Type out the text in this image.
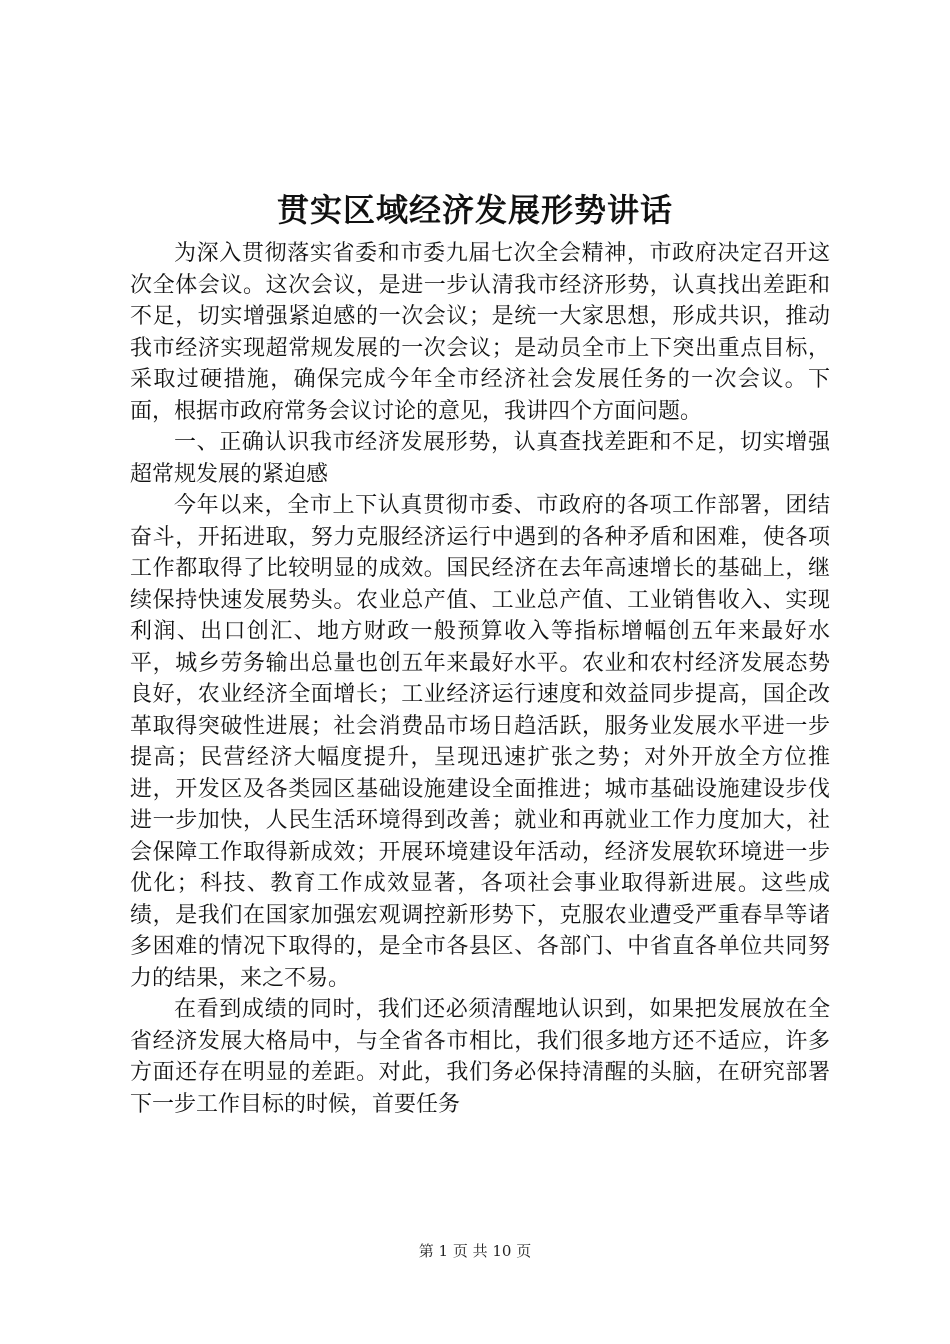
贯实区域经济发展形势讲话

为深入贯彻落实省委和市委九届七次全会精神，市政府决定召开这次全体会议。这次会议，是进一步认清我市经济形势，认真找出差距和不足，切实增强紧迫感的一次会议；是统一大家思想，形成共识，推动我市经济实现超常规发展的一次会议；是动员全市上下突出重点目标，采取过硬措施，确保完成今年全市经济社会发展任务的一次会议。下面，根据市政府常务会议讨论的意见，我讲四个方面问题。

一、正确认识我市经济发展形势，认真查找差距和不足，切实增强超常规发展的紧迫感

今年以来，全市上下认真贯彻市委、市政府的各项工作部署，团结奋斗，开拓进取，努力克服经济运行中遇到的各种矛盾和困难，使各项工作都取得了比较明显的成效。国民经济在去年高速增长的基础上，继续保持快速发展势头。农业总产值、工业总产值、工业销售收入、实现利润、出口创汇、地方财政一般预算收入等指标增幅创五年来最好水平，城乡劳务输出总量也创五年来最好水平。农业和农村经济发展态势良好，农业经济全面增长；工业经济运行速度和效益同步提高，国企改革取得突破性进展；社会消费品市场日趋活跃，服务业发展水平进一步提高；民营经济大幅度提升，呈现迅速扩张之势；对外开放全方位推进，开发区及各类园区基础设施建设全面推进；城市基础设施建设步伐进一步加快，人民生活环境得到改善；就业和再就业工作力度加大，社会保障工作取得新成效；开展环境建设年活动，经济发展软环境进一步优化；科技、教育工作成效显著，各项社会事业取得新进展。这些成绩，是我们在国家加强宏观调控新形势下，克服农业遭受严重春旱等诸多困难的情况下取得的，是全市各县区、各部门、中省直各单位共同努力的结果，来之不易。

在看到成绩的同时，我们还必须清醒地认识到，如果把发展放在全省经济发展大格局中，与全省各市相比，我们很多地方还不适应，许多方面还存在明显的差距。对此，我们务必保持清醒的头脑，在研究部署下一步工作目标的时候，首要任务

第 1 页 共 10 页
